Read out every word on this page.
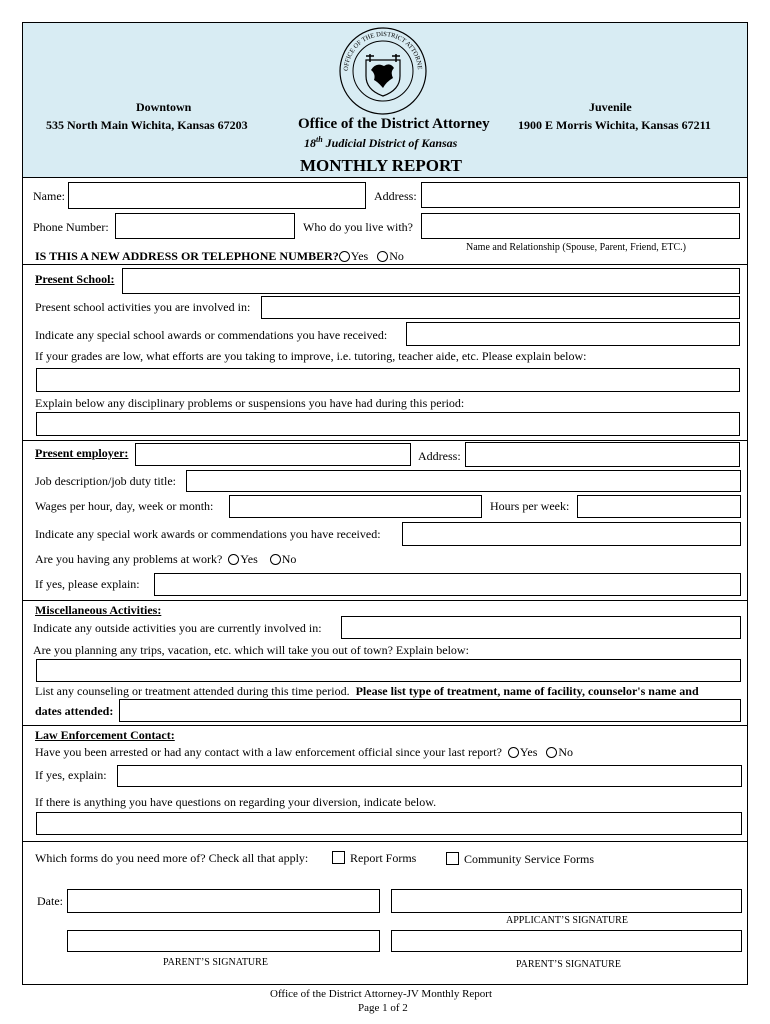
OFFICE OF THE DISTRICT ATTORNE
Downtown
535 North Main Wichita, Kansas 67203	Office of the District Attorney
18th Judicial District of Kansas
Juvenile
1900 E Morris Wichita, Kansas 67211
MONTHLY REPORT
Name:	Address:
Phone Number:	Who do you live with?
IS THIS A NEW ADDRESS OR TELEPHONE NUMBER? Yes No
Name and Relationship (Spouse, Parent, Friend, ETC.)
Present School:
Present school activities you are involved in:
Indicate any special school awards or commendations you have received:
If your grades are low, what efforts are you taking to improve, i.e. tutoring, teacher aide, etc. Please explain below:
Explain below any disciplinary problems or suspensions you have had during this period:
Present employer:	Address:
Job description/job duty title:
Wages per hour, day, week or month:	Hours per week:
Indicate any special work awards or commendations you have received:
Are you having any problems at work? Yes No
If yes, please explain:
Miscellaneous Activities:
Indicate any outside activities you are currently involved in:
Are you planning any trips, vacation, etc. which will take you out of town? Explain below:
List any counseling or treatment attended during this time period. Please list type of treatment, name of facility, counselor's name and
dates attended:
Law Enforcement Contact:
Have you been arrested or had any contact with a law enforcement official since your last report? Yes No
If yes, explain:
If there is anything you have questions on regarding your diversion, indicate below.
Which forms do you need more of? Check all that apply:	Report Forms	Community Service Forms
Date:
APPLICANT’S SIGNATURE
PARENT’S SIGNATURE	PARENT’S SIGNATURE
Office of the District Attorney-JV Monthly Report
Page 1 of 2
